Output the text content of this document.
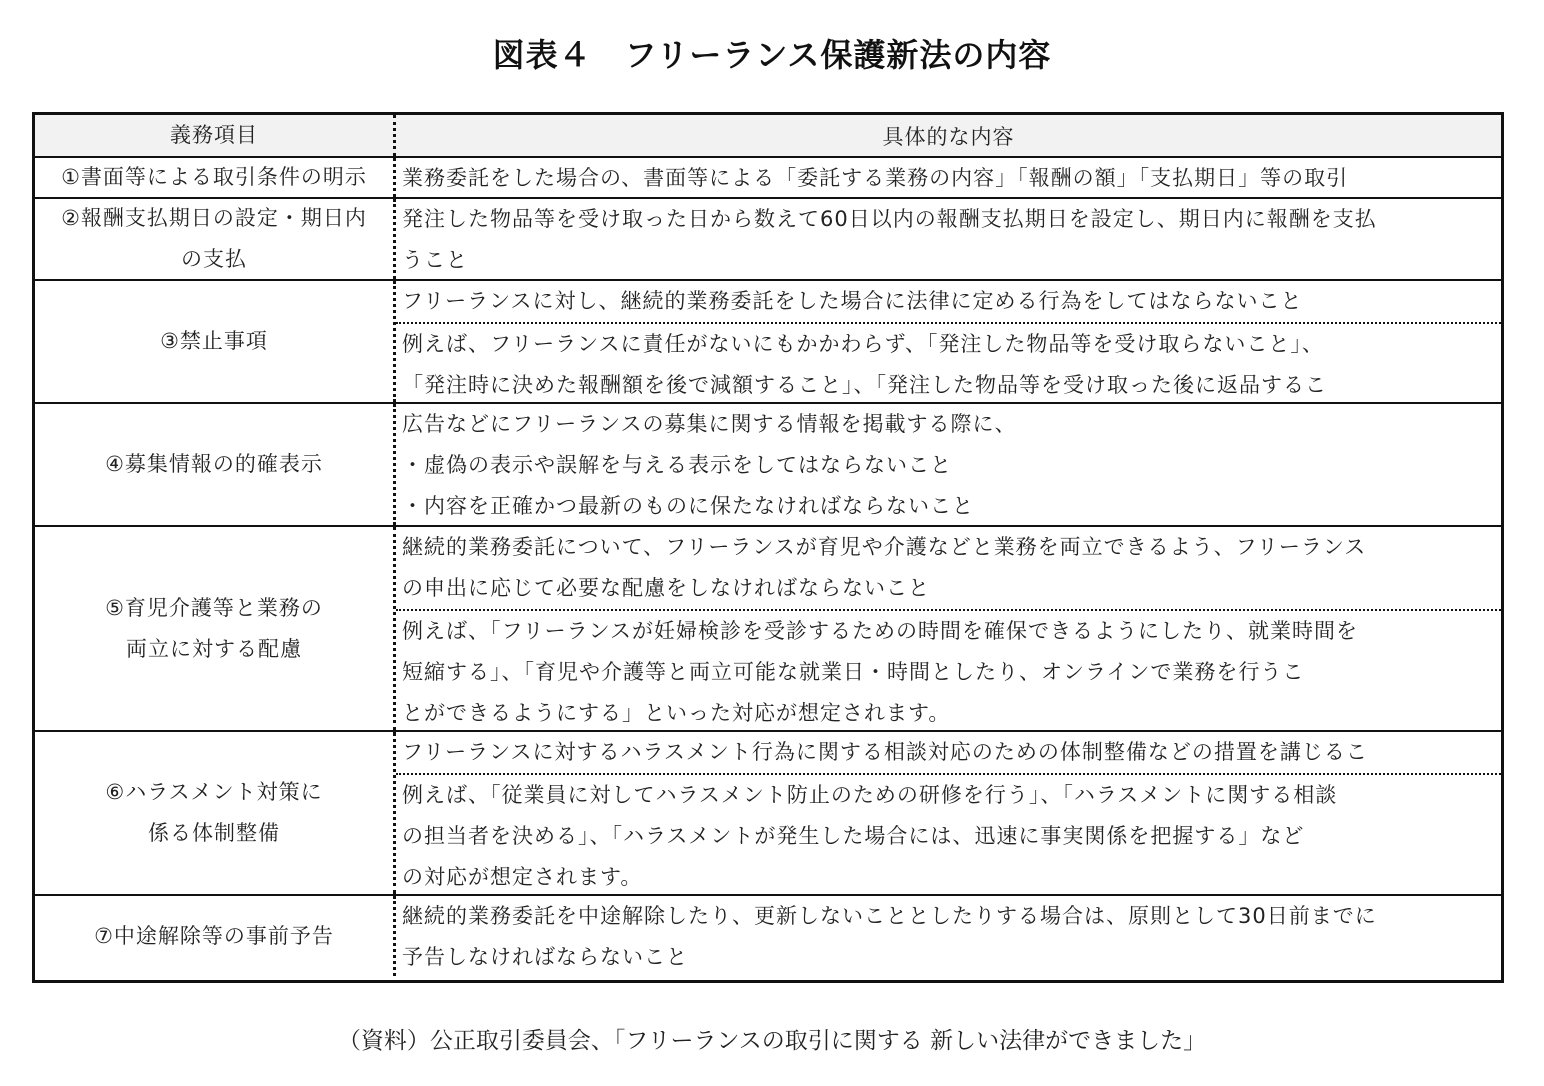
図表４　フリーランス保護新法の内容
義務項目	具体的な内容
①書面等による取引条件の明示 業務委託をした場合の、書面等による「委託する業務の内容」「報酬の額」「支払期日」等の取引
②報酬支払期日の設定・期日内
の支払
発注した物品等を受け取った日から数えて60日以内の報酬支払期日を設定し、期日内に報酬を支払
うこと
③禁止事項
フリーランスに対し、継続的業務委託をした場合に法律に定める行為をしてはならないこと
例えば、フリーランスに責任がないにもかかわらず、「発注した物品等を受け取らないこと」、
「発注時に決めた報酬額を後で減額すること」、「発注した物品等を受け取った後に返品するこ
④募集情報の的確表示
広告などにフリーランスの募集に関する情報を掲載する際に、
・虚偽の表示や誤解を与える表示をしてはならないこと
・内容を正確かつ最新のものに保たなければならないこと
⑤育児介護等と業務の
両立に対する配慮
継続的業務委託について、フリーランスが育児や介護などと業務を両立できるよう、フリーランス
の申出に応じて必要な配慮をしなければならないこと
例えば、「フリーランスが妊婦検診を受診するための時間を確保できるようにしたり、就業時間を
短縮する」、「育児や介護等と両立可能な就業日・時間としたり、オンラインで業務を行うこ
とができるようにする」といった対応が想定されます。
⑥ハラスメント対策に
係る体制整備
フリーランスに対するハラスメント行為に関する相談対応のための体制整備などの措置を講じるこ
例えば、「従業員に対してハラスメント防止のための研修を行う」、「ハラスメントに関する相談
の担当者を決める」、「ハラスメントが発生した場合には、迅速に事実関係を把握する」など
の対応が想定されます。
⑦中途解除等の事前予告
継続的業務委託を中途解除したり、更新しないこととしたりする場合は、原則として30日前までに
予告しなければならないこと
（資料）公正取引委員会、「フリーランスの取引に関する 新しい法律ができました」
